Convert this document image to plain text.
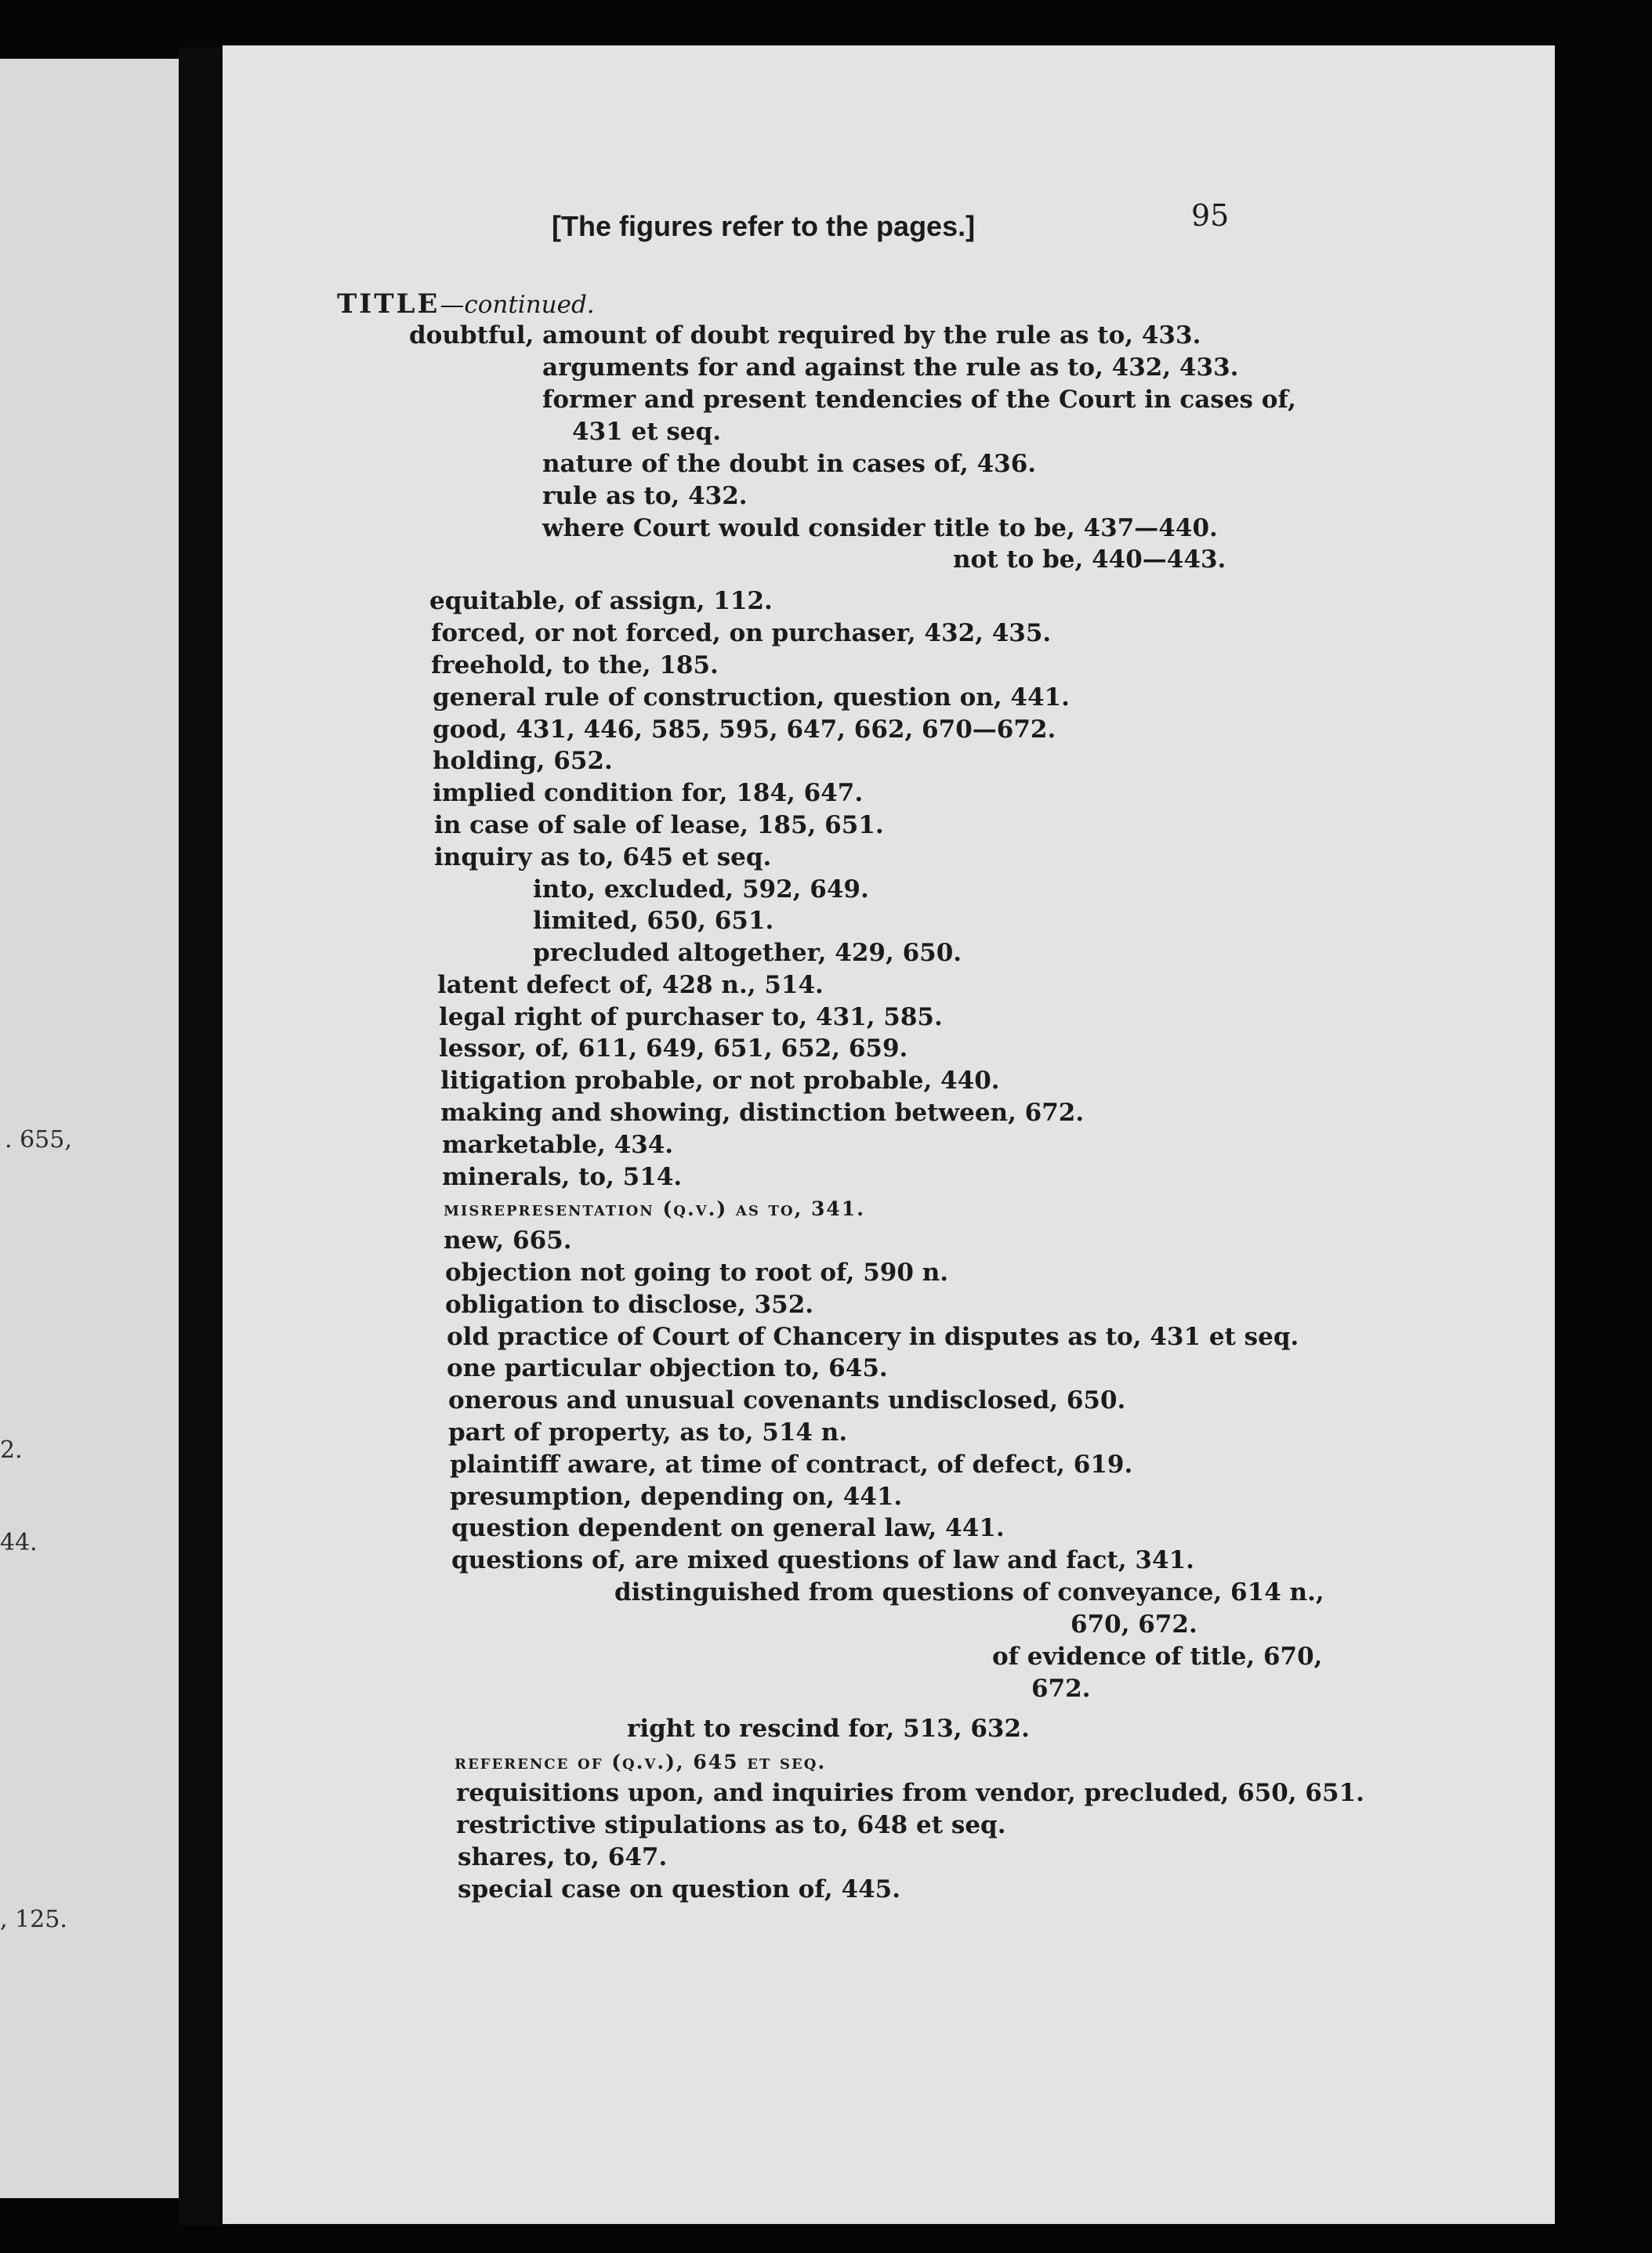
. 655,
2.
44.
, 125.
[The figures refer to the pages.]	95
TITLE—continued.
doubtful, amount of doubt required by the rule as to, 433.
arguments for and against the rule as to, 432, 433.
former and present tendencies of the Court in cases of,
431 et seq.
nature of the doubt in cases of, 436.
rule as to, 432.
where Court would consider title to be, 437—440.
not to be, 440—443.
equitable, of assign, 112.
forced, or not forced, on purchaser, 432, 435.
freehold, to the, 185.
general rule of construction, question on, 441.
good, 431, 446, 585, 595, 647, 662, 670—672.
holding, 652.
implied condition for, 184, 647.
in case of sale of lease, 185, 651.
inquiry as to, 645 et seq.
into, excluded, 592, 649.
limited, 650, 651.
precluded altogether, 429, 650.
latent defect of, 428 n., 514.
legal right of purchaser to, 431, 585.
lessor, of, 611, 649, 651, 652, 659.
litigation probable, or not probable, 440.
making and showing, distinction between, 672.
marketable, 434.
minerals, to, 514.
misrepresentation (q.v.) as to, 341.
new, 665.
objection not going to root of, 590 n.
obligation to disclose, 352.
old practice of Court of Chancery in disputes as to, 431 et seq.
one particular objection to, 645.
onerous and unusual covenants undisclosed, 650.
part of property, as to, 514 n.
plaintiff aware, at time of contract, of defect, 619.
presumption, depending on, 441.
question dependent on general law, 441.
questions of, are mixed questions of law and fact, 341.
distinguished from questions of conveyance, 614 n.,
670, 672.
of evidence of title, 670,
672.
right to rescind for, 513, 632.
reference of (q.v.), 645 et seq.
requisitions upon, and inquiries from vendor, precluded, 650, 651.
restrictive stipulations as to, 648 et seq.
shares, to, 647.
special case on question of, 445.
